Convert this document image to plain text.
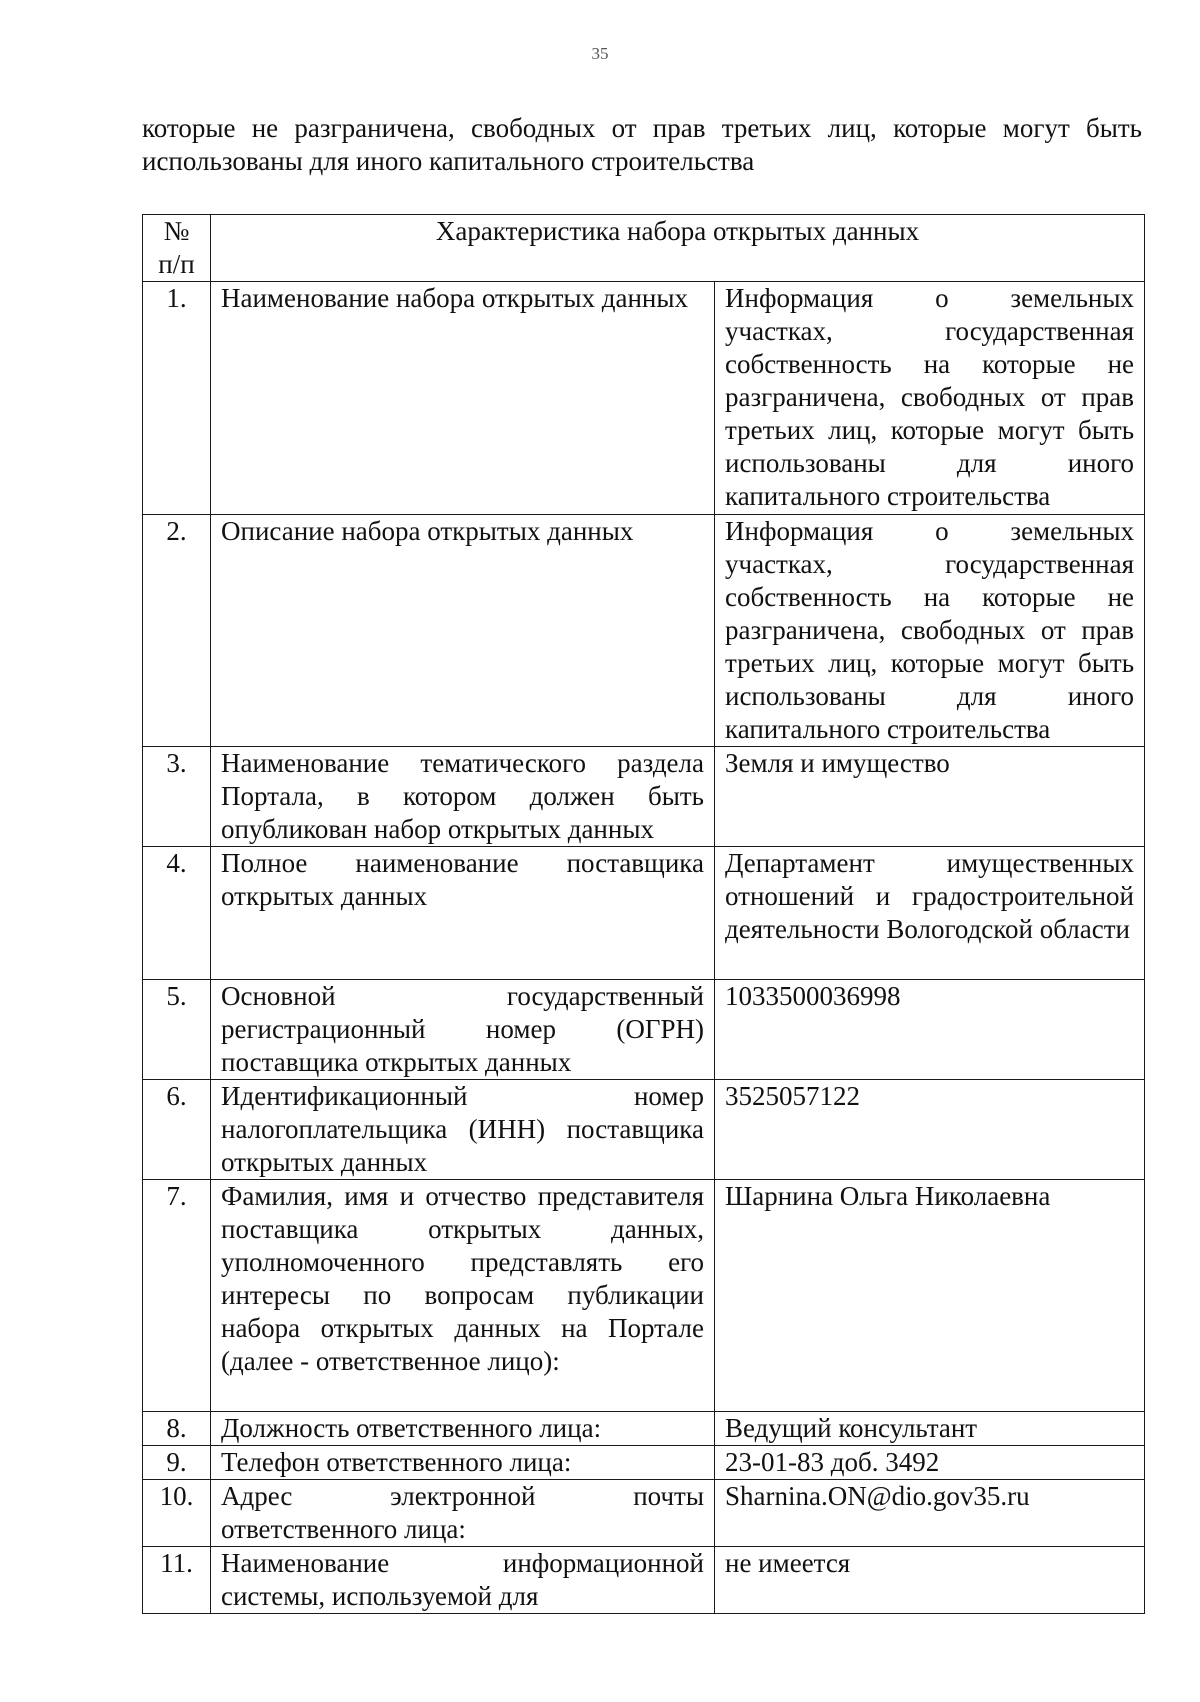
35
которые не разграничена, свободных от прав третьих лиц, которые могут быть использованы для иного капитального строительства
№
п/п	Характеристика набора открытых данных	
1.	Наименование набора открытых данных	Информация о земельных участках, государственная собственность на которые не разграничена, свободных от прав третьих лиц, которые могут быть использованы для иного капитального строительства
2.	Описание набора открытых данных	Информация о земельных участках, государственная собственность на которые не разграничена, свободных от прав третьих лиц, которые могут быть использованы для иного капитального строительства
3.	Наименование тематического раздела Портала, в котором должен быть опубликован набор открытых данных	Земля и имущество
4.	Полное наименование поставщика открытых данных	Департамент имущественных отношений и градостроительной деятельности Вологодской области
5.	Основной государственный регистрационный номер (ОГРН) поставщика открытых данных	1033500036998
6.	Идентификационный номер налогоплательщика (ИНН) поставщика открытых данных	3525057122
7.	Фамилия, имя и отчество представителя поставщика открытых данных, уполномоченного представлять его интересы по вопросам публикации набора открытых данных на Портале (далее - ответственное лицо):	Шарнина Ольга Николаевна
8.	Должность ответственного лица:	Ведущий консультант
9.	Телефон ответственного лица:	23-01-83 доб. 3492
10.	Адрес электронной почты ответственного лица:	Sharnina.ON@dio.gov35.ru
11.	Наименование информационной системы, используемой для	не имеется
